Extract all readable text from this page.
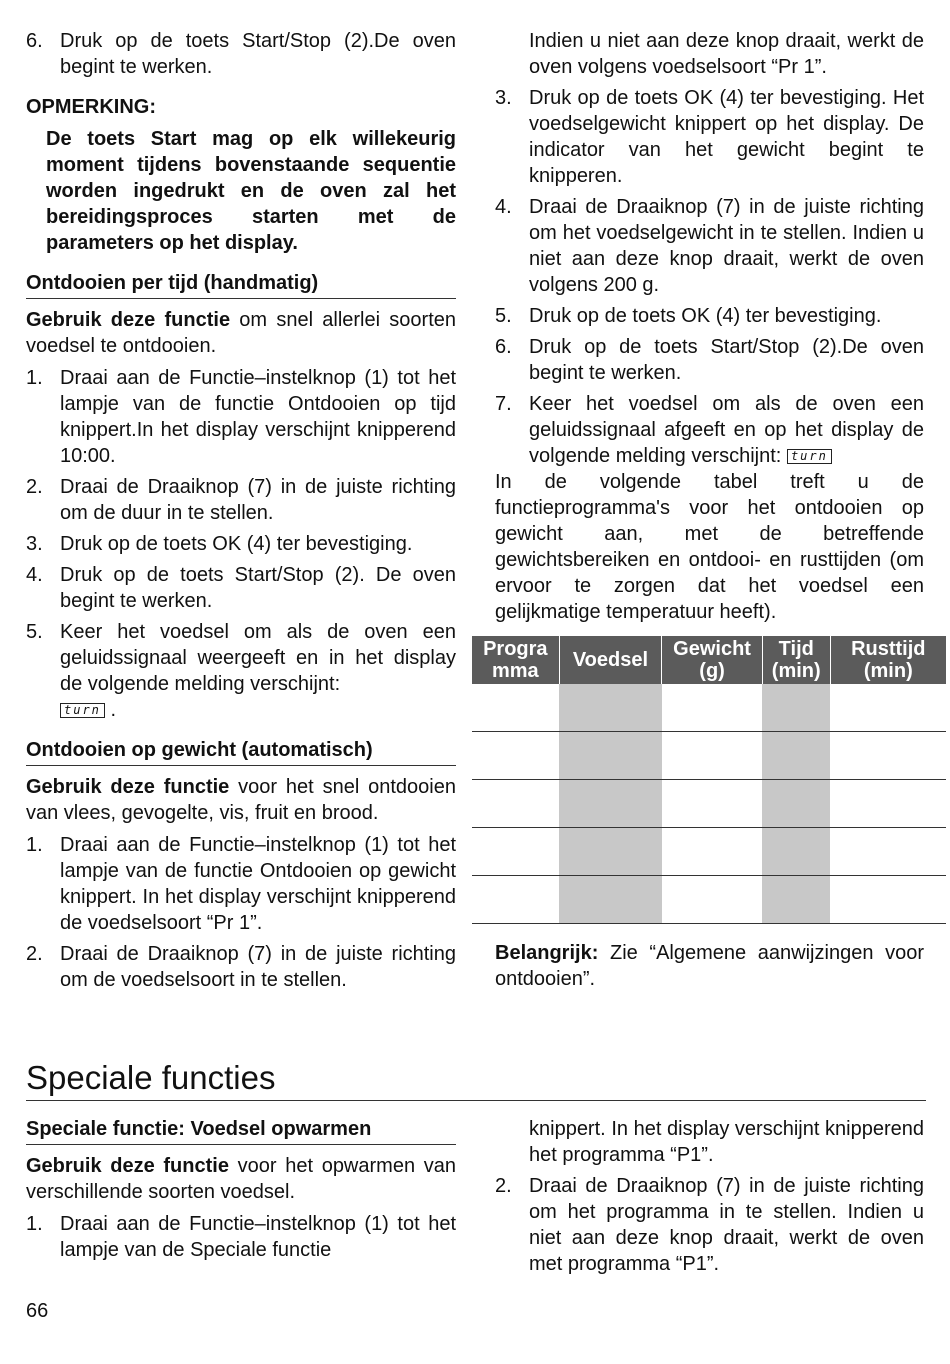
6. Druk op de toets Start/Stop (2).De oven begint te werken.
OPMERKING:
De toets Start mag op elk willekeurig moment tijdens bovenstaande sequentie worden ingedrukt en de oven zal het bereidingsproces starten met de parameters op het display.
Ontdooien per tijd (handmatig)
Gebruik deze functie om snel allerlei soorten voedsel te ontdooien.
1. Draai aan de Functie–instelknop (1) tot het lampje van de functie Ontdooien op tijd knippert.In het display verschijnt knipperend 10:00.
2. Draai de Draaiknop (7) in de juiste richting om de duur in te stellen.
3. Druk op de toets OK (4) ter bevestiging.
4. Druk op de toets Start/Stop (2). De oven begint te werken.
5. Keer het voedsel om als de oven een geluidssignaal weergeeft en in het display de volgende melding verschijnt:
turn .
Ontdooien op gewicht (automatisch)
Gebruik deze functie voor het snel ontdooien van vlees, gevogelte, vis, fruit en brood.
1. Draai aan de Functie–instelknop (1) tot het lampje van de functie Ontdooien op gewicht knippert. In het display verschijnt knipperend de voedselsoort “Pr 1”.
2. Draai de Draaiknop (7) in de juiste richting om de voedselsoort in te stellen.
Indien u niet aan deze knop draait, werkt de oven volgens voedselsoort “Pr 1”.
3. Druk op de toets OK (4) ter bevestiging. Het voedselgewicht knippert op het display. De indicator van het gewicht begint te knipperen.
4. Draai de Draaiknop (7) in de juiste richting om het voedselgewicht in te stellen. Indien u niet aan deze knop draait, werkt de oven volgens 200 g.
5. Druk op de toets OK (4) ter bevestiging.
6. Druk op de toets Start/Stop (2).De oven begint te werken.
7. Keer het voedsel om als de oven een geluidssignaal afgeeft en op het display de volgende melding verschijnt: turn
In de volgende tabel treft u de functieprogramma's voor het ontdooien op gewicht aan, met de betreffende gewichtsbereiken en ontdooi- en rusttijden (om ervoor te zorgen dat het voedsel een gelijkmatige temperatuur heeft).
Progra mma	Voedsel	Gewicht (g)	Tijd (min)	Rusttijd (min)

Belangrijk: Zie “Algemene aanwijzingen voor ontdooien”.
Speciale functies
Speciale functie: Voedsel opwarmen
Gebruik deze functie voor het opwarmen van verschillende soorten voedsel.
1. Draai aan de Functie–instelknop (1) tot het lampje van de Speciale functie
knippert. In het display verschijnt knipperend het programma “P1”.
2. Draai de Draaiknop (7) in de juiste richting om het programma in te stellen. Indien u niet aan deze knop draait, werkt de oven met programma “P1”.
66
